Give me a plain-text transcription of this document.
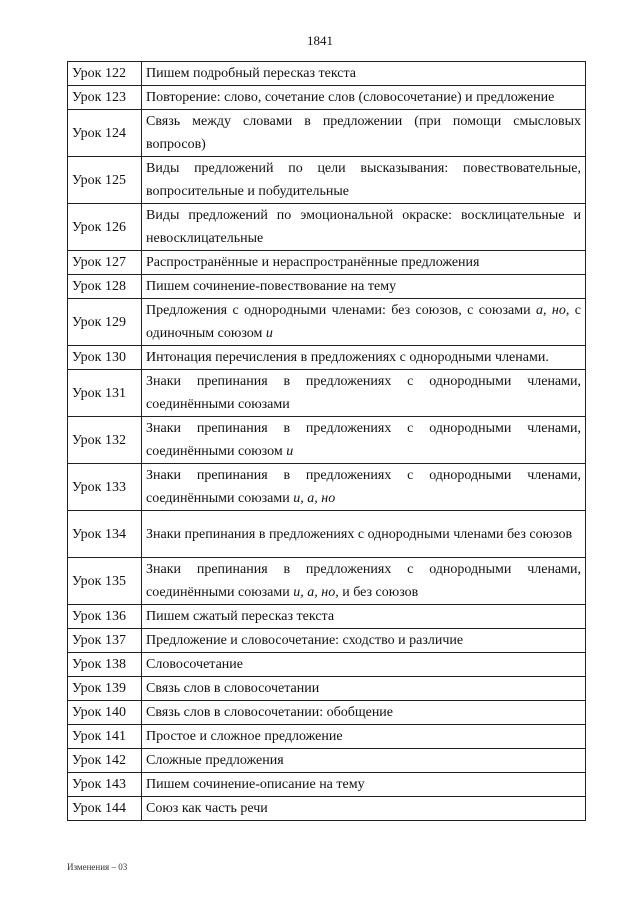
1841
Урок 122	Пишем подробный пересказ текста
Урок 123	Повторение: слово, сочетание слов (словосочетание) и предложение
Урок 124	Связь между словами в предложении (при помощи смысловых вопросов)
Урок 125	Виды предложений по цели высказывания: повествовательные, вопросительные и побудительные
Урок 126	Виды предложений по эмоциональной окраске: восклицательные и невосклицательные
Урок 127	Распространённые и нераспространённые предложения
Урок 128	Пишем сочинение-повествование на тему
Урок 129	Предложения с однородными членами: без союзов, с союзами а, но, с одиночным союзом и
Урок 130	Интонация перечисления в предложениях с однородными членами.
Урок 131	Знаки препинания в предложениях с однородными членами, соединёнными союзами
Урок 132	Знаки препинания в предложениях с однородными членами, соединёнными союзом и
Урок 133	Знаки препинания в предложениях с однородными членами, соединёнными союзами и, а, но
Урок 134	Знаки препинания в предложениях с однородными членами без союзов
Урок 135	Знаки препинания в предложениях с однородными членами, соединёнными союзами и, а, но, и без союзов
Урок 136	Пишем сжатый пересказ текста
Урок 137	Предложение и словосочетание: сходство и различие
Урок 138	Словосочетание
Урок 139	Связь слов в словосочетании
Урок 140	Связь слов в словосочетании: обобщение
Урок 141	Простое и сложное предложение
Урок 142	Сложные предложения
Урок 143	Пишем сочинение-описание на тему
Урок 144	Союз как часть речи
Изменения – 03
